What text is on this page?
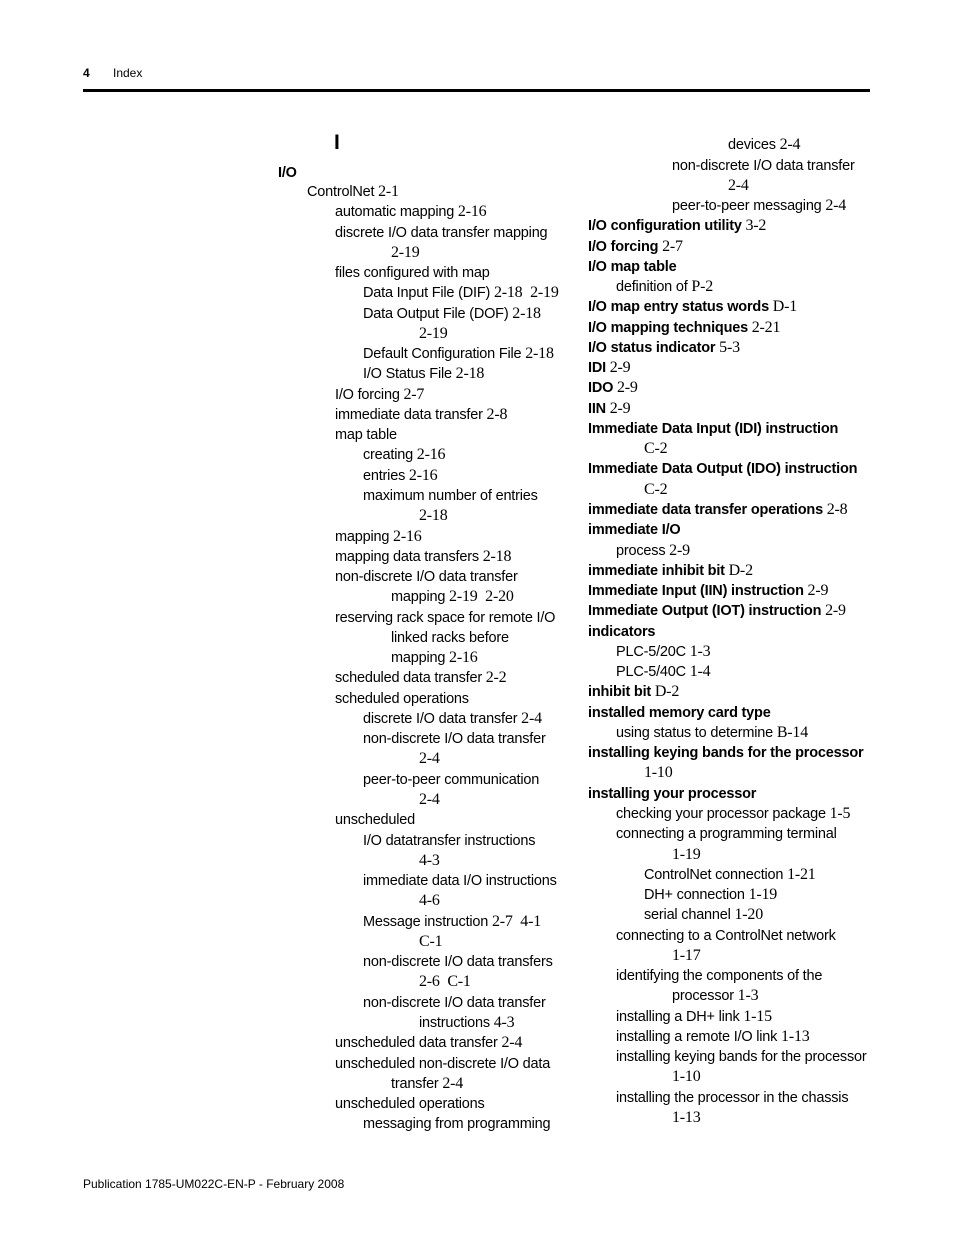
4 Index
I
I/O
ControlNet 2-1
automatic mapping 2-16
discrete I/O data transfer mapping
2-19
files configured with map
Data Input File (DIF) 2-18  2-19
Data Output File (DOF) 2-18
2-19
Default Configuration File 2-18
I/O Status File 2-18
I/O forcing 2-7
immediate data transfer 2-8
map table
creating 2-16
entries 2-16
maximum number of entries
2-18
mapping 2-16
mapping data transfers 2-18
non-discrete I/O data transfer
mapping 2-19  2-20
reserving rack space for remote I/O
linked racks before
mapping 2-16
scheduled data transfer 2-2
scheduled operations
discrete I/O data transfer 2-4
non-discrete I/O data transfer
2-4
peer-to-peer communication
2-4
unscheduled
I/O datatransfer instructions
4-3
immediate data I/O instructions
4-6
Message instruction 2-7  4-1
C-1
non-discrete I/O data transfers
2-6  C-1
non-discrete I/O data transfer
instructions 4-3
unscheduled data transfer 2-4
unscheduled non-discrete I/O data
transfer 2-4
unscheduled operations
messaging from programming
devices 2-4
non-discrete I/O data transfer
2-4
peer-to-peer messaging 2-4
I/O configuration utility 3-2
I/O forcing 2-7
I/O map table
definition of P-2
I/O map entry status words D-1
I/O mapping techniques 2-21
I/O status indicator 5-3
IDI 2-9
IDO 2-9
IIN 2-9
Immediate Data Input (IDI) instruction
C-2
Immediate Data Output (IDO) instruction
C-2
immediate data transfer operations 2-8
immediate I/O
process 2-9
immediate inhibit bit D-2
Immediate Input (IIN) instruction 2-9
Immediate Output (IOT) instruction 2-9
indicators
PLC-5/20C 1-3
PLC-5/40C 1-4
inhibit bit D-2
installed memory card type
using status to determine B-14
installing keying bands for the processor
1-10
installing your processor
checking your processor package 1-5
connecting a programming terminal
1-19
ControlNet connection 1-21
DH+ connection 1-19
serial channel 1-20
connecting to a ControlNet network
1-17
identifying the components of the
processor 1-3
installing a DH+ link 1-15
installing a remote I/O link 1-13
installing keying bands for the processor
1-10
installing the processor in the chassis
1-13
Publication 1785-UM022C-EN-P - February 2008
